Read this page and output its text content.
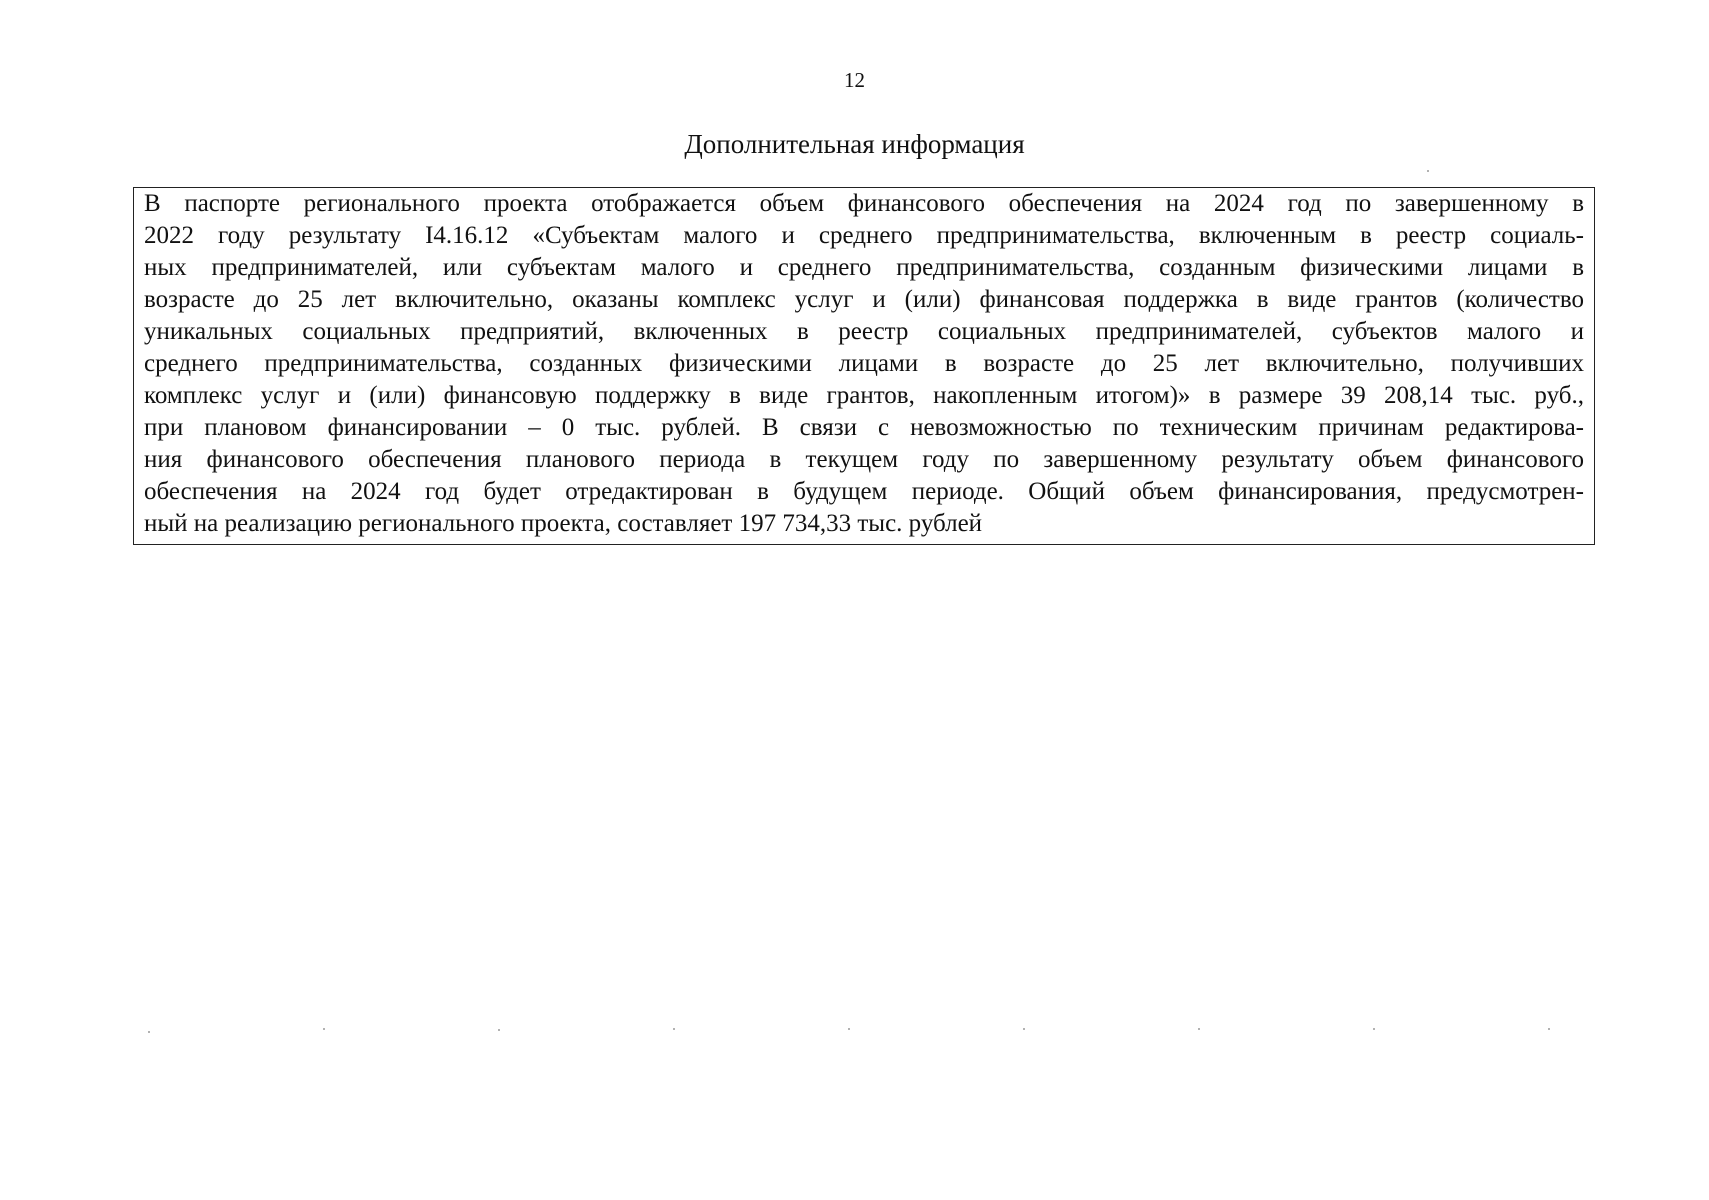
12
Дополнительная информация
В паспорте регионального проекта отображается объем финансового обеспечения на 2024 год по завершенному в
2022 году результату I4.16.12 «Субъектам малого и среднего предпринимательства, включенным в реестр социаль-
ных предпринимателей, или субъектам малого и среднего предпринимательства, созданным физическими лицами в
возрасте до 25 лет включительно, оказаны комплекс услуг и (или) финансовая поддержка в виде грантов (количество
уникальных социальных предприятий, включенных в реестр социальных предпринимателей, субъектов малого и
среднего предпринимательства, созданных физическими лицами в возрасте до 25 лет включительно, получивших
комплекс услуг и (или) финансовую поддержку в виде грантов, накопленным итогом)» в размере 39 208,14 тыс. руб.,
при плановом финансировании – 0 тыс. рублей. В связи с невозможностью по техническим причинам редактирова-
ния финансового обеспечения планового периода в текущем году по завершенному результату объем финансового
обеспечения на 2024 год будет отредактирован в будущем периоде. Общий объем финансирования, предусмотрен-
ный на реализацию регионального проекта, составляет 197 734,33 тыс. рублей
